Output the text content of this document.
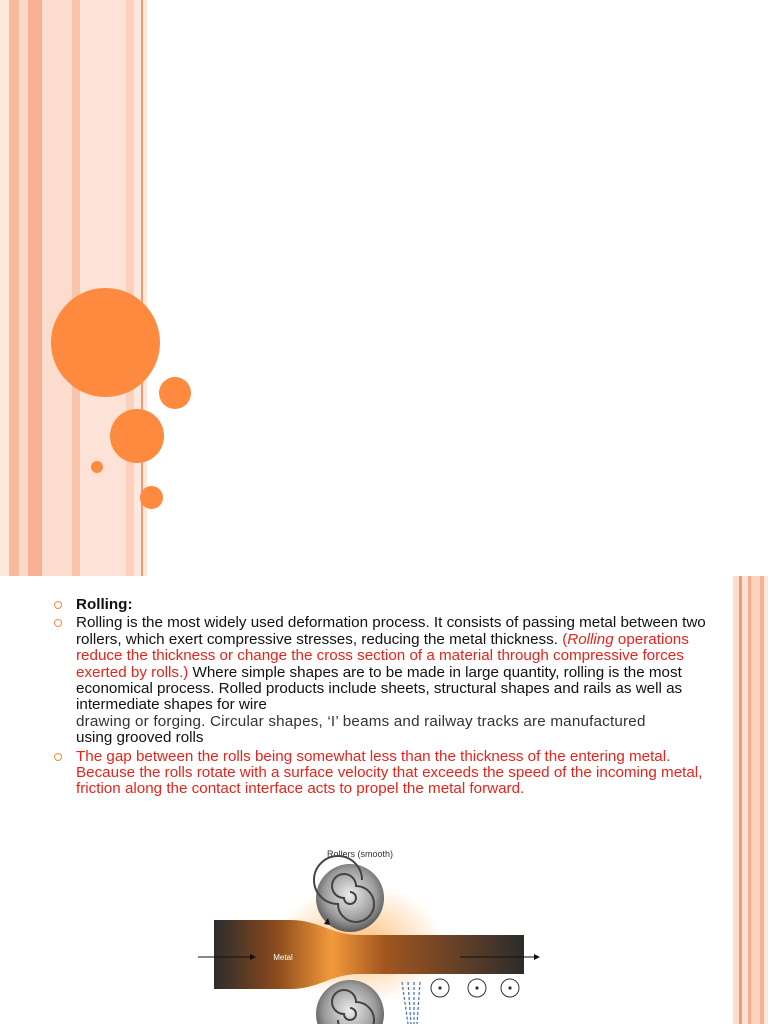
Rolling:
Rolling is the most widely used deformation process. It consists of passing metal between two rollers, which exert compressive stresses, reducing the metal thickness. (Rolling operations reduce the thickness or change the cross section of a material through compressive forces exerted by rolls.) Where simple shapes are to be made in large quantity, rolling is the most economical process. Rolled products include sheets, structural shapes and rails as well as intermediate shapes for wire
drawing or forging. Circular shapes, ‘I’ beams and railway tracks are manufactured
using grooved rolls
The gap between the rolls being somewhat less than the thickness of the entering metal. Because the rolls rotate with a surface velocity that exceeds the speed of the incoming metal, friction along the contact interface acts to propel the metal forward.
Rollers (smooth)
Metal
